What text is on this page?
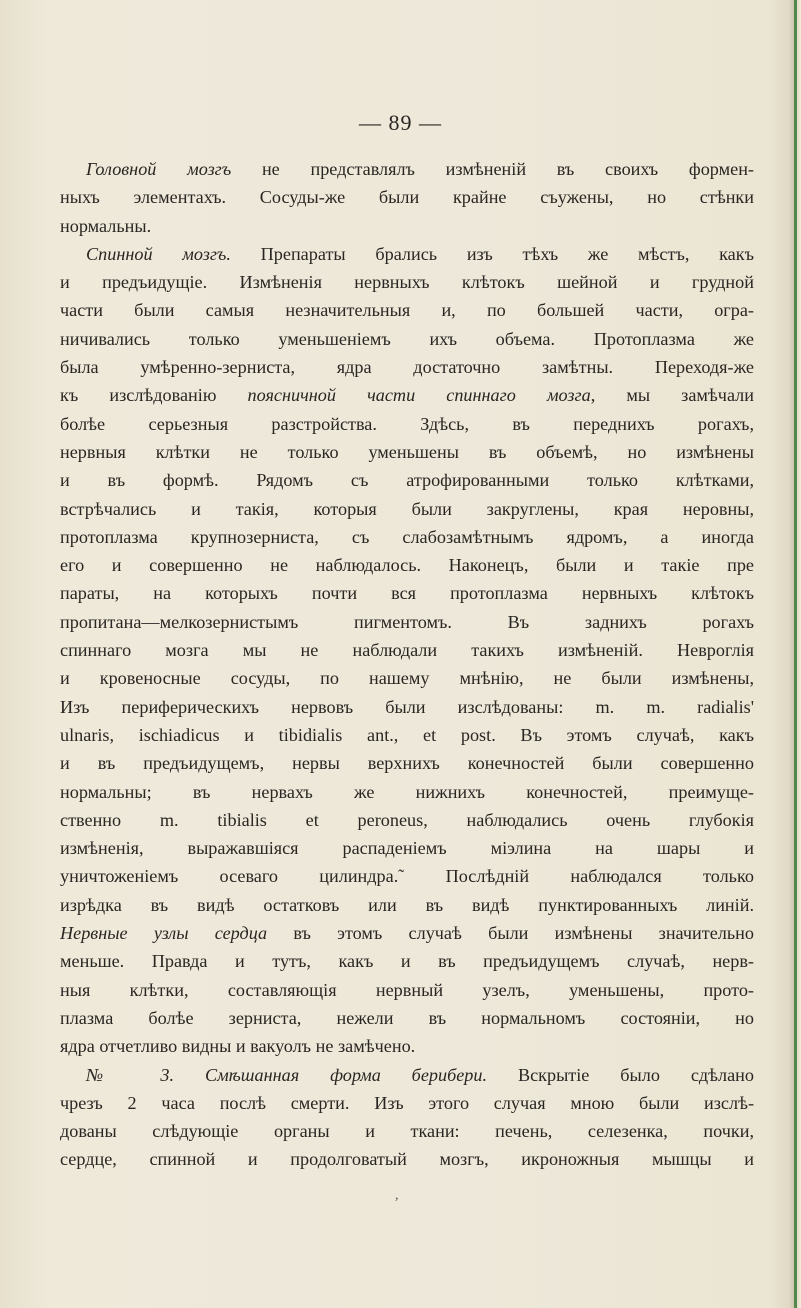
— 89 —
Головной мозгъ не представлялъ измѣненій въ своихъ формен-
ныхъ элементахъ. Сосуды-же были крайне съужены, но стѣнки
нормальны.
Спинной мозгъ. Препараты брались изъ тѣхъ же мѣстъ, какъ
и предъидущіе. Измѣненія нервныхъ клѣтокъ шейной и грудной
части были самыя незначительныя и, по большей части, огра-
ничивались только уменьшеніемъ ихъ объема. Протоплазма же
была умѣренно-зерниста, ядра достаточно замѣтны. Переходя-же
къ изслѣдованію поясничной части спиннаго мозга, мы замѣчали
болѣе серьезныя разстройства. Здѣсь, въ переднихъ рогахъ,
нервныя клѣтки не только уменьшены въ объемѣ, но измѣнены
и въ формѣ. Рядомъ съ атрофированными только клѣтками,
встрѣчались и такія, которыя были закруглены, края неровны,
протоплазма крупнозерниста, съ слабозамѣтнымъ ядромъ, а иногда
его и совершенно не наблюдалось. Наконецъ, были и такіе пре
параты, на которыхъ почти вся протоплазма нервныхъ клѣтокъ
пропитана—мелкозернистымъ пигментомъ. Въ заднихъ рогахъ
спиннаго мозга мы не наблюдали такихъ измѣненій. Невроглія
и кровеносные сосуды, по нашему мнѣнію, не были измѣнены,
Изъ периферическихъ нервовъ были изслѣдованы: m. m. radialis'
ulnaris, ischiadicus и tibidialis ant., et post. Въ этомъ случаѣ, какъ
и въ предъидущемъ, нервы верхнихъ конечностей были совершенно
нормальны; въ нервахъ же нижнихъ конечностей, преимуще-
ственно m. tibialis et peroneus, наблюдались очень глубокія
измѣненія, выражавшіяся распаденіемъ міэлина на шары и
уничтоженіемъ осеваго цилиндра.˜ Послѣдній наблюдался только
изрѣдка въ видѣ остатковъ или въ видѣ пунктированныхъ линій.
Нервные узлы сердца въ этомъ случаѣ были измѣнены значительно
меньше. Правда и тутъ, какъ и въ предъидущемъ случаѣ, нерв-
ныя клѣтки, составляющія нервный узелъ, уменьшены, прото-
плазма болѣе зерниста, нежели въ нормальномъ состояніи, но
ядра отчетливо видны и вакуолъ не замѣчено.
№ 3. Смѣшанная форма берибери. Вскрытіе было сдѣлано
чрезъ 2 часа послѣ смерти. Изъ этого случая мною были изслѣ-
дованы слѣдующіе органы и ткани: печень, селезенка, почки,
сердце, спинной и продолговатый мозгъ, икроножныя мышцы и
,
